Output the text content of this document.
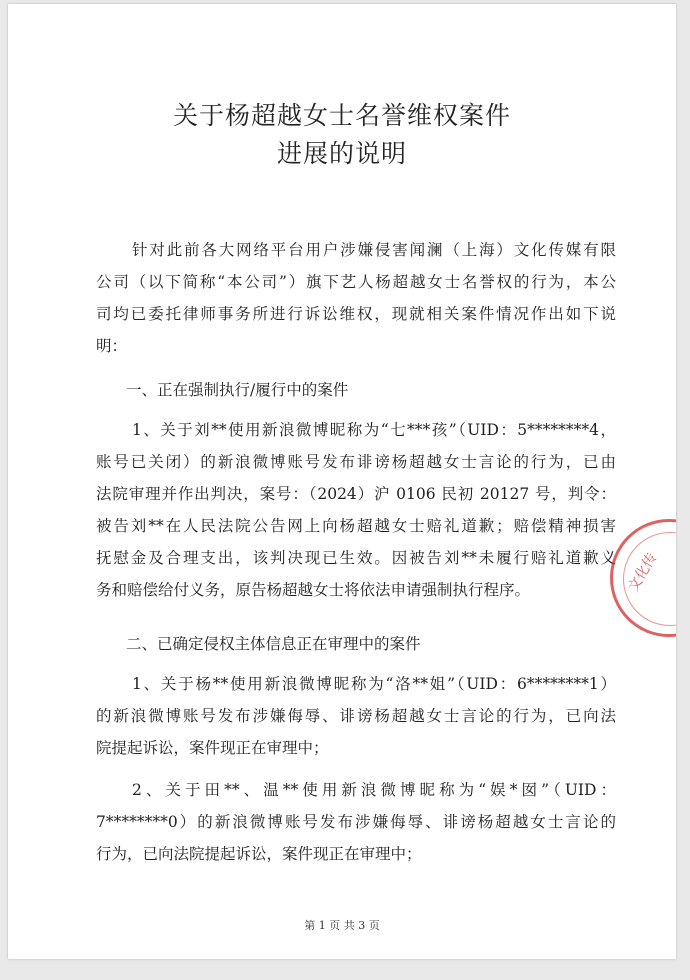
关于杨超越女士名誉维权案件
进展的说明
针对此前各大网络平台用户涉嫌侵害闻澜（上海）文化传媒有限
公司（以下简称“本公司”）旗下艺人杨超越女士名誉权的行为，本公
司均已委托律师事务所进行诉讼维权，现就相关案件情况作出如下说
明：
一、正在强制执行/履行中的案件
1、关于刘**使用新浪微博昵称为“七***孩”（UID：5********4，
账号已关闭）的新浪微博账号发布诽谤杨超越女士言论的行为，已由
法院审理并作出判决，案号：（2024）沪 0106 民初 20127 号，判令：
被告刘**在人民法院公告网上向杨超越女士赔礼道歉；赔偿精神损害
抚慰金及合理支出，该判决现已生效。因被告刘**未履行赔礼道歉义
务和赔偿给付义务，原告杨超越女士将依法申请强制执行程序。
二、已确定侵权主体信息正在审理中的案件
1、关于杨**使用新浪微博昵称为“洛**姐”（UID：6********1）
的新浪微博账号发布涉嫌侮辱、诽谤杨超越女士言论的行为，已向法
院提起诉讼，案件现正在审理中；
2、关于田**、温**使用新浪微博昵称为“娱*囡”（UID：
7********0）的新浪微博账号发布涉嫌侮辱、诽谤杨超越女士言论的
行为，已向法院提起诉讼，案件现正在审理中；
第 1 页 共 3 页
文化传
